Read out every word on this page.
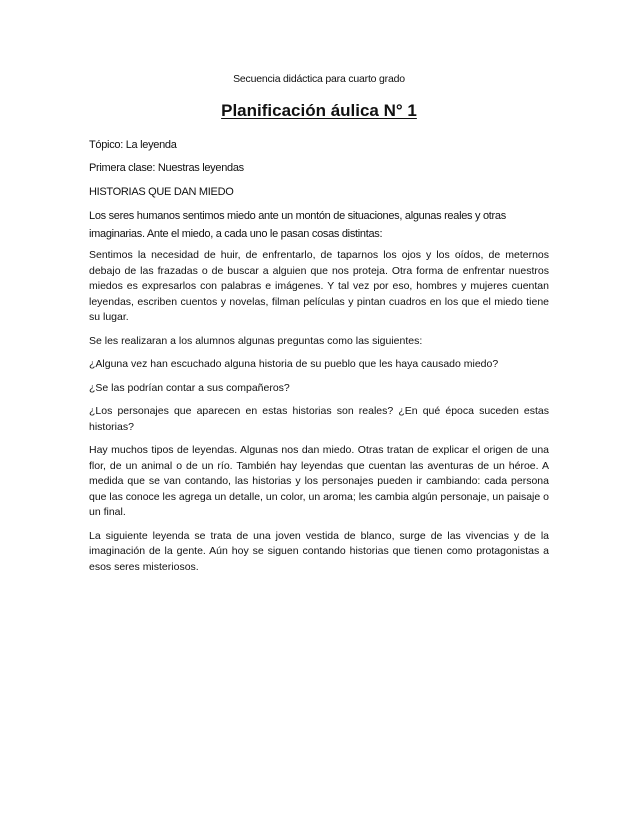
Secuencia didáctica para cuarto grado
Planificación áulica N° 1

Tópico: La leyenda

Primera clase: Nuestras leyendas

HISTORIAS QUE DAN MIEDO

Los seres humanos sentimos miedo ante un montón de situaciones, algunas reales y otras imaginarias. Ante el miedo, a cada uno le pasan cosas distintas:

Sentimos la necesidad de huir, de enfrentarlo, de taparnos los ojos y los oídos, de meternos debajo de las frazadas o de buscar a alguien que nos proteja. Otra forma de enfrentar nuestros miedos es expresarlos con palabras e imágenes. Y tal vez por eso, hombres y mujeres cuentan leyendas, escriben cuentos y novelas, filman películas y pintan cuadros en los que el miedo tiene su lugar.

Se les realizaran a los alumnos algunas preguntas como las siguientes:

¿Alguna vez han escuchado alguna historia de su pueblo que les haya causado miedo?

¿Se las podrían contar a sus compañeros?

¿Los personajes que aparecen en estas historias son reales? ¿En qué época suceden estas historias?

Hay muchos tipos de leyendas. Algunas nos dan miedo. Otras tratan de explicar el origen de una flor, de un animal o de un río. También hay leyendas que cuentan las aventuras de un héroe. A medida que se van contando, las historias y los personajes pueden ir cambiando: cada persona que las conoce les agrega un detalle, un color, un aroma; les cambia algún personaje, un paisaje o un final.

La siguiente leyenda se trata de una joven vestida de blanco, surge de las vivencias y de la imaginación de la gente. Aún hoy se siguen contando historias que tienen como protagonistas a esos seres misteriosos.
